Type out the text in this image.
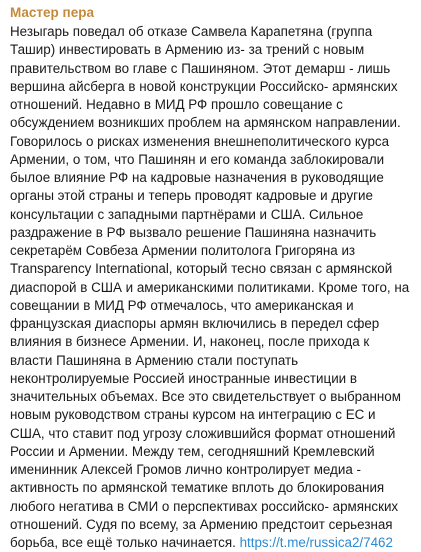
Мастер пера

Незыгарь поведал об отказе Самвела Карапетяна (группа Ташир) инвестировать в Армению из- за трений с новым правительством во главе с Пашиняном. Этот демарш - лишь вершина айсберга в новой конструкции Российско- армянских отношений. Недавно в МИД РФ прошло совещание с обсуждением возникших проблем на армянском направлении. Говорилось о рисках изменения внешнеполитического курса Армении, о том, что Пашинян и его команда заблокировали былое влияние РФ на кадровые назначения в руководящие органы этой страны и теперь проводят кадровые и другие консультации с западными партнёрами и США. Сильное раздражение в РФ вызвало решение Пашиняна назначить секретарём Совбеза Армении политолога Григоряна из Transparency International, который тесно связан с армянской диаспорой в США и американскими политиками. Кроме того, на совещании в МИД РФ отмечалось, что американская и французская диаспоры армян включились в передел сфер влияния в бизнесе Армении. И, наконец, после прихода к власти Пашиняна в Армению стали поступать неконтролируемые Россией иностранные инвестиции в значительных объемах. Все это свидетельствует о выбранном новым руководством страны курсом на интеграцию с ЕС и США, что ставит под угрозу сложившийся формат отношений России и Армении. Между тем, сегодняшний Кремлевский именинник Алексей Громов лично контролирует медиа - активность по армянской тематике вплоть до блокирования любого негатива в СМИ о перспективах российско- армянских отношений. Судя по всему, за Армению предстоит серьезная борьба, все ещё только начинается. https://t.me/russica2/7462
